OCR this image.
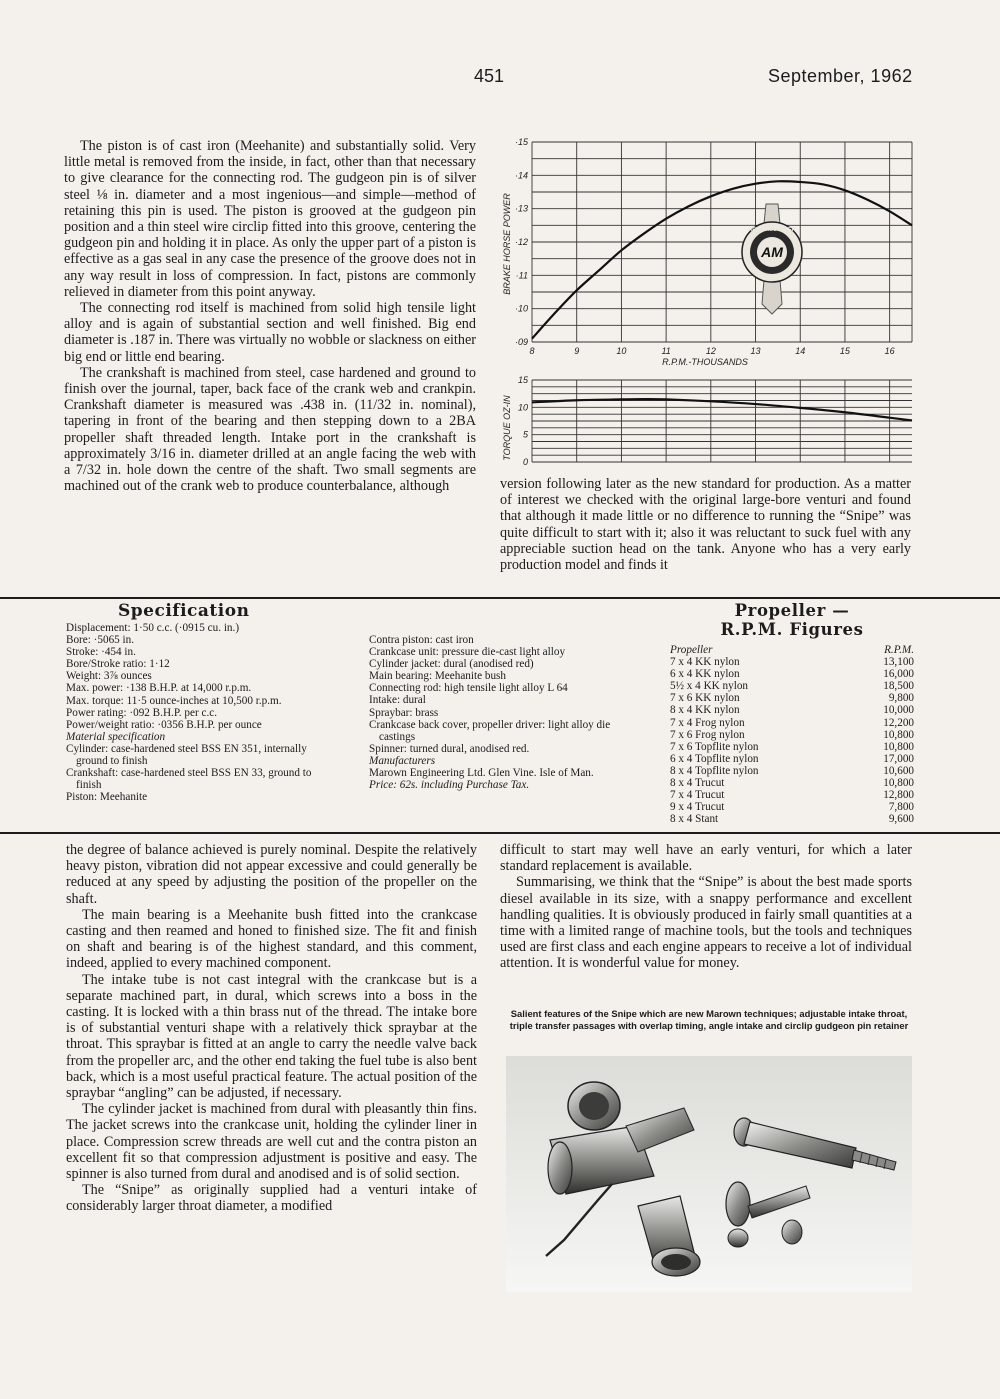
451	September, 1962

The piston is of cast iron (Meehanite) and substantially solid. Very little metal is removed from the inside, in fact, other than that necessary to give clearance for the connecting rod. The gudgeon pin is of silver steel ⅛ in. diameter and a most ingenious—and simple—method of retaining this pin is used. The piston is grooved at the gudgeon pin position and a thin steel wire circlip fitted into this groove, centering the gudgeon pin and holding it in place. As only the upper part of a piston is effective as a gas seal in any case the presence of the groove does not in any way result in loss of compression. In fact, pistons are commonly relieved in diameter from this point anyway.

The connecting rod itself is machined from solid high tensile light alloy and is again of substantial section and well finished. Big end diameter is .187 in. There was virtually no wobble or slackness on either big end or little end bearing.

The crankshaft is machined from steel, case hardened and ground to finish over the journal, taper, back face of the crank web and crankpin. Crankshaft diameter is measured was .438 in. (11/32 in. nominal), tapering in front of the bearing and then stepping down to a 2BA propeller shaft threaded length. Intake port in the crankshaft is approximately 3/16 in. diameter drilled at an angle facing the web with a 7/32 in. hole down the centre of the shaft. Two small segments are machined out of the crank web to produce counterbalance, although

·09
·10
·11
·12
·13
·14
·15
8	9	10	11	12	13	14	15	16
R.P.M.-THOUSANDS
BRAKE HORSE POWER	AEROMODELLER
AM
ANALYSIS
0
5
10
15
TORQUE OZ-IN

version following later as the new standard for production. As a matter of interest we checked with the original large-bore venturi and found that although it made little or no difference to running the “Snipe” was quite difficult to start with it; also it was reluctant to suck fuel with any appreciable suction head on the tank. Anyone who has a very early production model and finds it

Specification
Displacement: 1·50 c.c. (·0915 cu. in.)
Bore: ·5065 in.
Stroke: ·454 in.
Bore/Stroke ratio: 1·12
Weight: 3⅞ ounces
Max. power: ·138 B.H.P. at 14,000 r.p.m.
Max. torque: 11·5 ounce-inches at 10,500 r.p.m.
Power rating: ·092 B.H.P. per c.c.
Power/weight ratio: ·0356 B.H.P. per ounce
Material specification
Cylinder: case-hardened steel BSS EN 351, internally ground to finish
Crankshaft: case-hardened steel BSS EN 33, ground to finish
Piston: Meehanite
Contra piston: cast iron
Crankcase unit: pressure die-cast light alloy
Cylinder jacket: dural (anodised red)
Main bearing: Meehanite bush
Connecting rod: high tensile light alloy L 64
Intake: dural
Spraybar: brass
Crankcase back cover, propeller driver: light alloy die castings
Spinner: turned dural, anodised red.
Manufacturers
Marown Engineering Ltd. Glen Vine. Isle of Man.
Price: 62s. including Purchase Tax.
Propeller —
R.P.M. Figures
Propeller	R.P.M.
7 x 4 KK nylon	13,100
6 x 4 KK nylon	16,000
5½ x 4 KK nylon	18,500
7 x 6 KK nylon	9,800
8 x 4 KK nylon	10,000
7 x 4 Frog nylon	12,200
7 x 6 Frog nylon	10,800
7 x 6 Topflite nylon	10,800
6 x 4 Topflite nylon	17,000
8 x 4 Topflite nylon	10,600
8 x 4 Trucut	10,800
7 x 4 Trucut	12,800
9 x 4 Trucut	7,800
8 x 4 Stant	9,600

the degree of balance achieved is purely nominal. Despite the relatively heavy piston, vibration did not appear excessive and could generally be reduced at any speed by adjusting the position of the propeller on the shaft.

The main bearing is a Meehanite bush fitted into the crankcase casting and then reamed and honed to finished size. The fit and finish on shaft and bearing is of the highest standard, and this comment, indeed, applied to every machined component.

The intake tube is not cast integral with the crankcase but is a separate machined part, in dural, which screws into a boss in the casting. It is locked with a thin brass nut of the thread. The intake bore is of substantial venturi shape with a relatively thick spraybar at the throat. This spraybar is fitted at an angle to carry the needle valve back from the propeller arc, and the other end taking the fuel tube is also bent back, which is a most useful practical feature. The actual position of the spraybar “angling” can be adjusted, if necessary.

The cylinder jacket is machined from dural with pleasantly thin fins. The jacket screws into the crankcase unit, holding the cylinder liner in place. Compression screw threads are well cut and the contra piston an excellent fit so that compression adjustment is positive and easy. The spinner is also turned from dural and anodised and is of solid section.

The “Snipe” as originally supplied had a venturi intake of considerably larger throat diameter, a modified

difficult to start may well have an early venturi, for which a later standard replacement is available.

Summarising, we think that the “Snipe” is about the best made sports diesel available in its size, with a snappy performance and excellent handling qualities. It is obviously produced in fairly small quantities at a time with a limited range of machine tools, but the tools and techniques used are first class and each engine appears to receive a lot of individual attention. It is wonderful value for money.

Salient features of the Snipe which are new Marown techniques; adjustable intake throat, triple transfer passages with overlap timing, angle intake and circlip gudgeon pin retainer
